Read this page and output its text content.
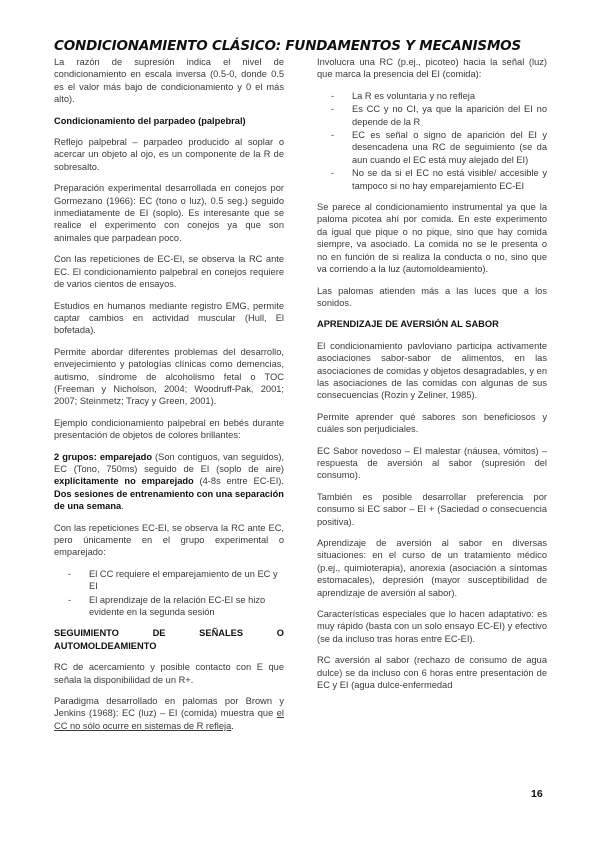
CONDICIONAMIENTO CLÁSICO: FUNDAMENTOS Y MECANISMOS

La razón de supresión indica el nivel de condicionamiento en escala inversa (0.5-0, donde 0.5 es el valor más bajo de condicionamiento y 0 el más alto).

Condicionamiento del parpadeo (palpebral)

Reflejo palpebral – parpadeo producido al soplar o acercar un objeto al ojo, es un componente de la R de sobresalto.

Preparación experimental desarrollada en conejos por Gormezano (1966): EC (tono o luz), 0.5 seg.) seguido inmediatamente de EI (soplo). Es interesante que se realice el experimento con conejos ya que son animales que parpadean poco.

Con las repeticiones de EC-EI, se observa la RC ante EC. El condicionamiento palpebral en conejos requiere de varios cientos de ensayos.

Estudios en humanos mediante registro EMG, permite captar cambios en actividad muscular (Hull, El bofetada).

Permite abordar diferentes problemas del desarrollo, envejecimiento y patologías clínicas como demencias, autismo, síndrome de alcoholismo fetal o TOC (Freeman y Nicholson, 2004; Woodruff-Pak, 2001; 2007; Steinmetz; Tracy y Green, 2001).

Ejemplo condicionamiento palpebral en bebés durante presentación de objetos de colores brillantes:

2 grupos: emparejado (Son contiguos, van seguidos), EC (Tono, 750ms) seguido de EI (soplo de aire) explícitamente no emparejado (4-8s entre EC-EI). Dos sesiones de entrenamiento con una separación de una semana.

Con las repeticiones EC-EI, se observa la RC ante EC, pero únicamente en el grupo experimental o emparejado:

- El CC requiere el emparejamiento de un EC y EI
- El aprendizaje de la relación EC-EI se hizo evidente en la segunda sesión
SEGUIMIENTO DE SEÑALES O
AUTOMOLDEAMIENTO

RC de acercamiento y posible contacto con E que señala la disponibilidad de un R+.

Paradigma desarrollado en palomas por Brown y Jenkins (1968): EC (luz) – EI (comida) muestra que el CC no sólo ocurre en sistemas de R refleja.

Involucra una RC (p.ej., picoteo) hacia la señal (luz) que marca la presencia del EI (comida):

- La R es voluntaria y no refleja
- Es CC y no CI, ya que la aparición del EI no depende de la R
- EC es señal o signo de aparición del EI y desencadena una RC de seguimiento (se da aun cuando el EC está muy alejado del EI)
- No se da si el EC no está visible/ accesible y tampoco si no hay emparejamiento EC-EI

Se parece al condicionamiento instrumental ya que la paloma picotea ahí por comida. En este experimento da igual que pique o no pique, sino que hay comida siempre, va asociado. La comida no se le presenta o no en función de si realiza la conducta o no, sino que va corriendo a la luz (automoldeamiento).

Las palomas atienden más a las luces que a los sonidos.

APRENDIZAJE DE AVERSIÓN AL SABOR

El condicionamiento pavloviano participa activamente asociaciones sabor-sabor de alimentos, en las asociaciones de comidas y objetos desagradables, y en las asociaciones de las comidas con algunas de sus consecuencias (Rozin y Zeliner, 1985).

Permite aprender qué sabores son beneficiosos y cuáles son perjudiciales.

EC Sabor novedoso – EI malestar (náusea, vómitos) – respuesta de aversión al sabor (supresión del consumo).

También es posible desarrollar preferencia por consumo si EC sabor – EI + (Saciedad o consecuencia positiva).

Aprendizaje de aversión al sabor en diversas situaciones: en el curso de un tratamiento médico (p.ej., quimioterapia), anorexia (asociación a síntomas estomacales), depresión (mayor susceptibilidad de aprendizaje de aversión al sabor).

Características especiales que lo hacen adaptativo: es muy rápido (basta con un solo ensayo EC-EI) y efectivo (se da incluso tras horas entre EC-EI).

RC aversión al sabor (rechazo de consumo de agua dulce) se da incluso con 6 horas entre presentación de EC y EI (agua dulce-enfermedad

16
